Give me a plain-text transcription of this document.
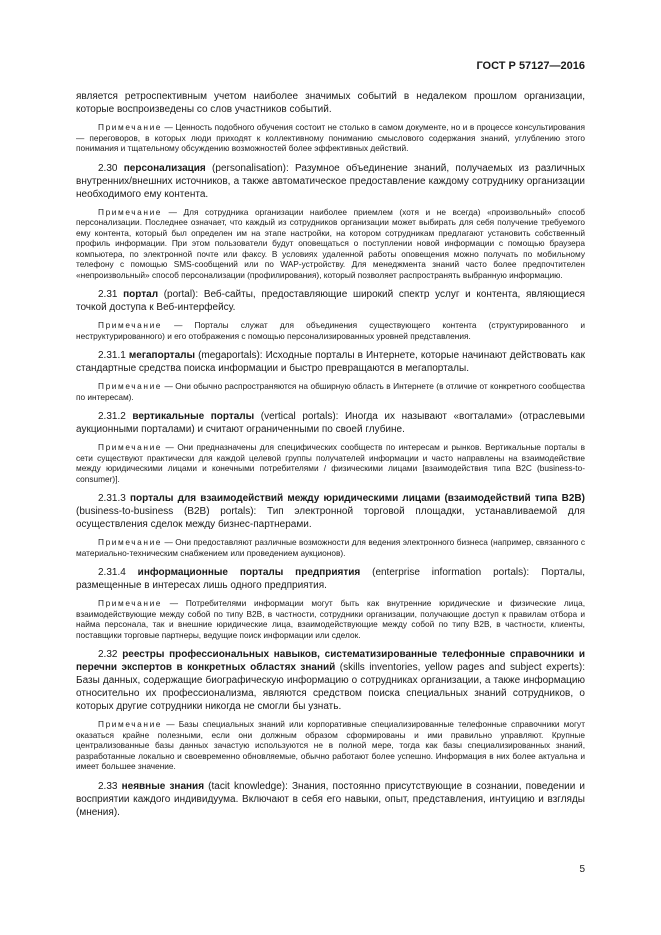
ГОСТ Р 57127—2016

является ретроспективным учетом наиболее значимых событий в недалеком прошлом организации, которые воспроизведены со слов участников событий.

Примечание — Ценность подобного обучения состоит не столько в самом документе, но и в процессе консультирования — переговоров, в которых люди приходят к коллективному пониманию смыслового содержания знаний, углублению этого понимания и тщательному обсуждению возможностей более эффективных действий.

2.30 персонализация (personalisation): Разумное объединение знаний, получаемых из различных внутренних/внешних источников, а также автоматическое предоставление каждому сотруднику организации необходимого ему контента.

Примечание — Для сотрудника организации наиболее приемлем (хотя и не всегда) «произвольный» способ персонализации. Последнее означает, что каждый из сотрудников организации может выбирать для себя получение требуемого ему контента, который был определен им на этапе настройки, на котором сотрудникам предлагают установить собственный профиль информации. При этом пользователи будут оповещаться о поступлении новой информации с помощью браузера компьютера, по электронной почте или факсу. В условиях удаленной работы оповещения можно получать по мобильному телефону с помощью SMS-сообщений или по WAP-устройству. Для менеджмента знаний часто более предпочтителен «непроизвольный» способ персонализации (профилирования), который позволяет распространять выбранную информацию.

2.31 портал (portal): Веб-сайты, предоставляющие широкий спектр услуг и контента, являющиеся точкой доступа к Веб-интерфейсу.

Примечание — Порталы служат для объединения существующего контента (структурированного и неструктурированного) и его отображения с помощью персонализированных уровней представления.

2.31.1 мегапорталы (megaportals): Исходные порталы в Интернете, которые начинают действовать как стандартные средства поиска информации и быстро превращаются в мегапорталы.

Примечание — Они обычно распространяются на обширную область в Интернете (в отличие от конкретного сообщества по интересам).

2.31.2 вертикальные порталы (vertical portals): Иногда их называют «вorталами» (отраслевыми аукционными порталами) и считают ограниченными по своей глубине.

Примечание — Они предназначены для специфических сообществ по интересам и рынков. Вертикальные порталы в сети существуют практически для каждой целевой группы получателей информации и часто направлены на взаимодействие между юридическими лицами и конечными потребителями / физическими лицами [взаимодействия типа B2C (business-to-consumer)].

2.31.3 порталы для взаимодействий между юридическими лицами (взаимодействий типа B2B) (business-to-business (B2B) portals): Тип электронной торговой площадки, устанавливаемой для осуществления сделок между бизнес-партнерами.

Примечание — Они предоставляют различные возможности для ведения электронного бизнеса (например, связанного с материально-техническим снабжением или проведением аукционов).

2.31.4 информационные порталы предприятия (enterprise information portals): Порталы, размещенные в интересах лишь одного предприятия.

Примечание — Потребителями информации могут быть как внутренние юридические и физические лица, взаимодействующие между собой по типу B2B, в частности, сотрудники организации, получающие доступ к правилам отбора и найма персонала, так и внешние юридические лица, взаимодействующие между собой по типу B2B, в частности, клиенты, поставщики торговые партнеры, ведущие поиск информации или сделок.

2.32 реестры профессиональных навыков, систематизированные телефонные справочники и перечни экспертов в конкретных областях знаний (skills inventories, yellow pages and subject experts): Базы данных, содержащие биографическую информацию о сотрудниках организации, а также информацию относительно их профессионализма, являются средством поиска специальных знаний сотрудников, о которых другие сотрудники никогда не смогли бы узнать.

Примечание — Базы специальных знаний или корпоративные специализированные телефонные справочники могут оказаться крайне полезными, если они должным образом сформированы и ими правильно управляют. Крупные централизованные базы данных зачастую используются не в полной мере, тогда как базы специализированных знаний, разработанные локально и своевременно обновляемые, обычно работают более успешно. Информация в них более актуальна и имеет большее значение.

2.33 неявные знания (tacit knowledge): Знания, постоянно присутствующие в сознании, поведении и восприятии каждого индивидуума. Включают в себя его навыки, опыт, представления, интуицию и взгляды (мнения).

5
